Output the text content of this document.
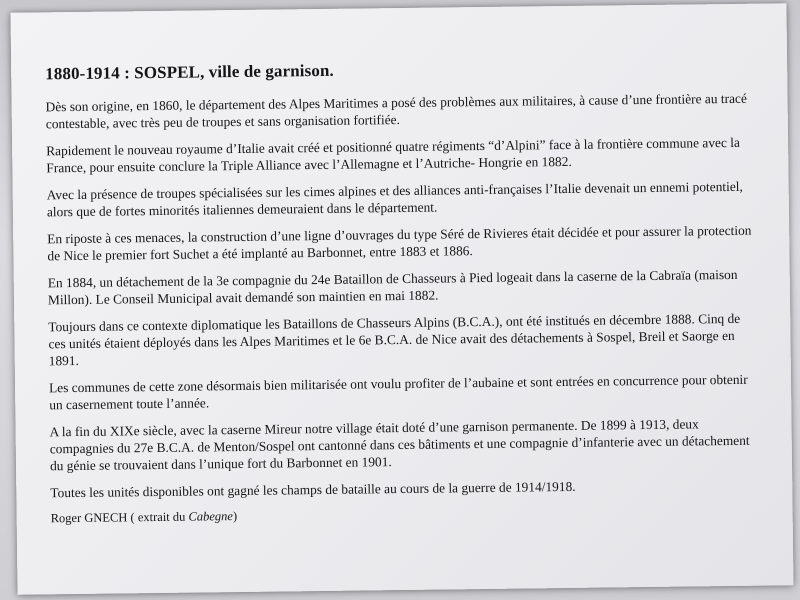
1880-1914 : SOSPEL, ville de garnison.

Dès son origine, en 1860, le département des Alpes Maritimes a posé des problèmes aux militaires, à cause d’une frontière au tracé contestable, avec très peu de troupes et sans organisation fortifiée.

Rapidement le nouveau royaume d’Italie avait créé et positionné quatre régiments “d’Alpini” face à la frontière commune avec la France, pour ensuite conclure la Triple Alliance avec l’Allemagne et l’Autriche- Hongrie en 1882.

Avec la présence de troupes spécialisées sur les cimes alpines et des alliances anti-françaises l’Italie devenait un ennemi potentiel, alors que de fortes minorités italiennes demeuraient dans le département.

En riposte à ces menaces, la construction d’une ligne d’ouvrages du type Séré de Rivieres était décidée et pour assurer la protection de Nice le premier fort Suchet a été implanté au Barbonnet, entre 1883 et 1886.

En 1884, un détachement de la 3e compagnie du 24e Bataillon de Chasseurs à Pied logeait dans la caserne de la Cabraïa (maison Millon). Le Conseil Municipal avait demandé son maintien en mai 1882.

Toujours dans ce contexte diplomatique les Bataillons de Chasseurs Alpins (B.C.A.), ont été institués en décembre 1888. Cinq de ces unités étaient déployés dans les Alpes Maritimes et le 6e B.C.A. de Nice avait des détachements à Sospel, Breil et Saorge en 1891.

Les communes de cette zone désormais bien militarisée ont voulu profiter de l’aubaine et sont entrées en concurrence pour obtenir un casernement toute l’année.

A la fin du XIXe siècle, avec la caserne Mireur notre village était doté d’une garnison permanente. De 1899 à 1913, deux compagnies du 27e B.C.A. de Menton/Sospel ont cantonné dans ces bâtiments et une compagnie d’infanterie avec un détachement du génie se trouvaient dans l’unique fort du Barbonnet en 1901.

Toutes les unités disponibles ont gagné les champs de bataille au cours de la guerre de 1914/1918.

Roger GNECH ( extrait du Cabegne)
